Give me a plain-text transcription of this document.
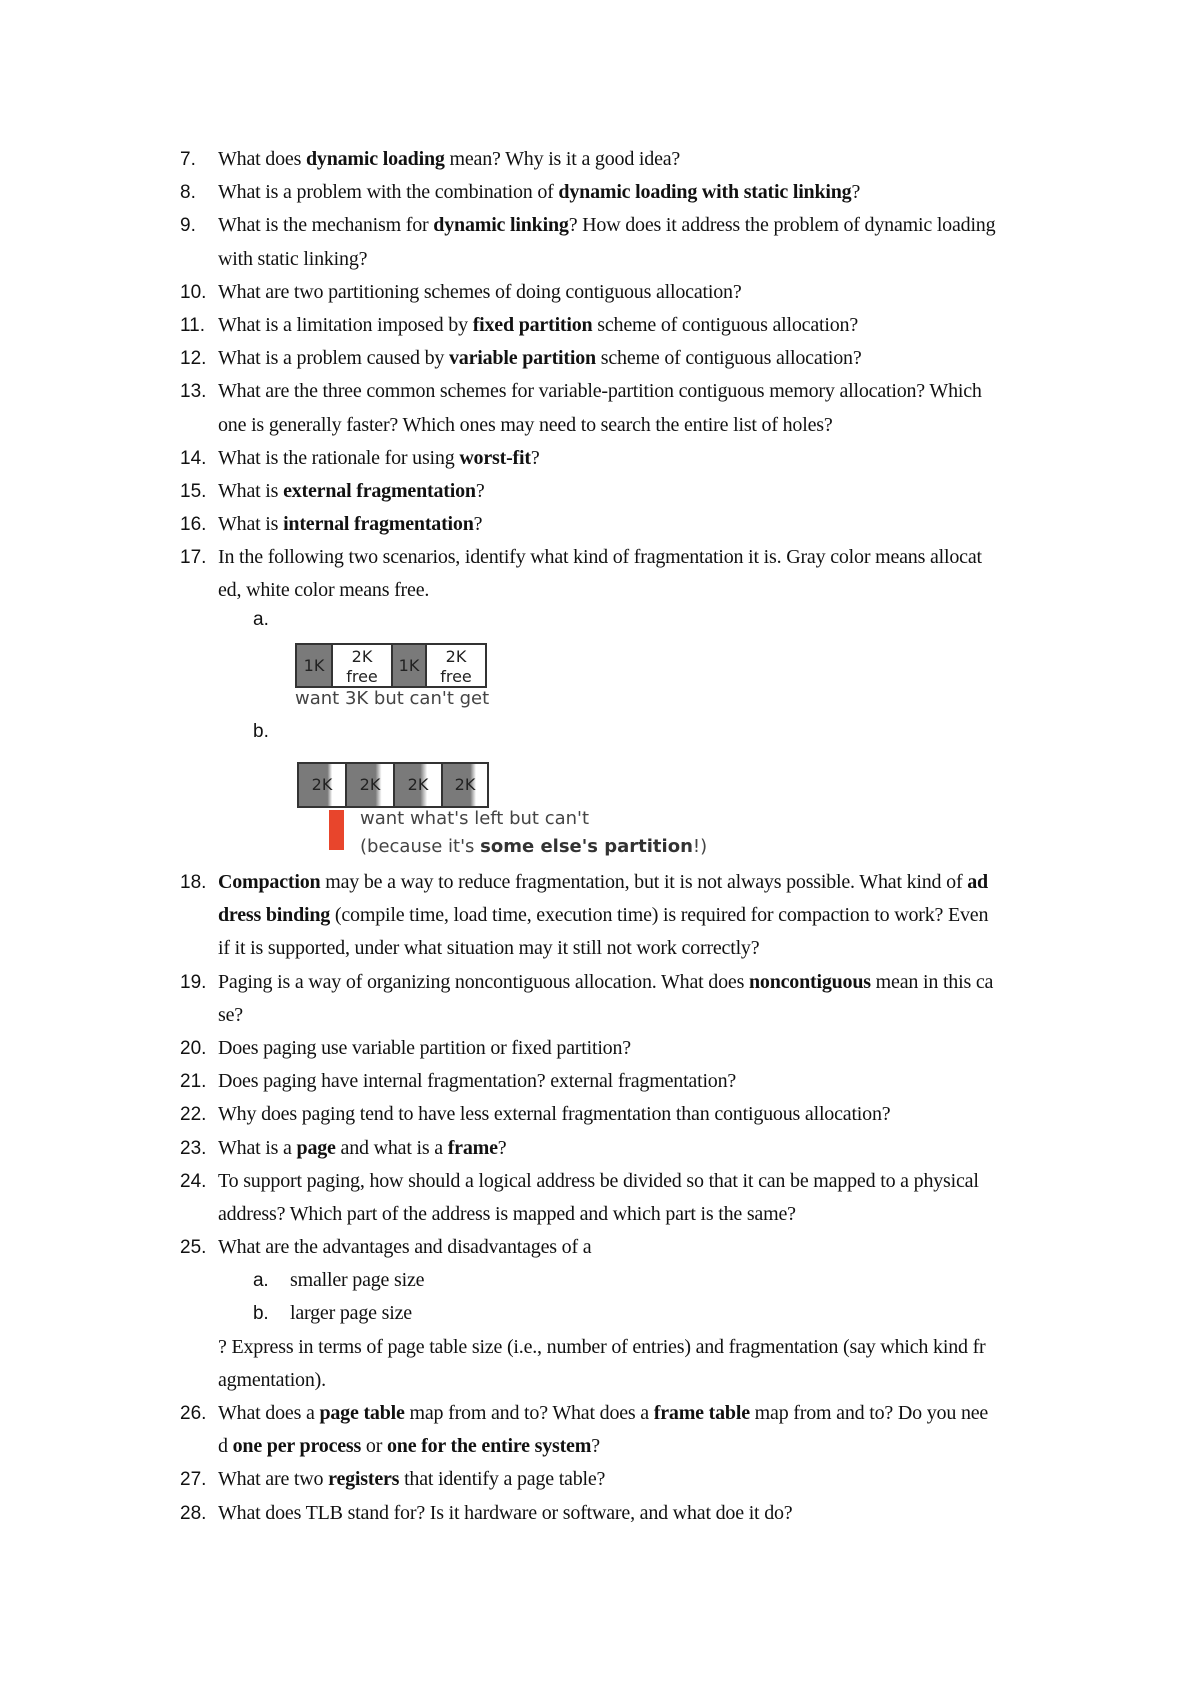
7.	What does dynamic loading mean? Why is it a good idea?
8.	What is a problem with the combination of dynamic loading with static linking?
9.	What is the mechanism for dynamic linking? How does it address the problem of dynamic loading
with static linking?
10. What are two partitioning schemes of doing contiguous allocation?
11. What is a limitation imposed by fixed partition scheme of contiguous allocation?
12. What is a problem caused by variable partition scheme of contiguous allocation?
13. What are the three common schemes for variable-partition contiguous memory allocation? Which
one is generally faster? Which ones may need to search the entire list of holes?
14. What is the rationale for using worst-fit?
15. What is external fragmentation?
16. What is internal fragmentation?
17. In the following two scenarios, identify what kind of fragmentation it is. Gray color means allocat
ed, white color means free.
a.
1K	2K
free
1K	2K
free
want 3K but can't get
b.
2K	2K	2K	2K
want what's left but can't
(because it's some else's partition!)
18. Compaction may be a way to reduce fragmentation, but it is not always possible. What kind of ad
dress binding (compile time, load time, execution time) is required for compaction to work? Even
if it is supported, under what situation may it still not work correctly?
19. Paging is a way of organizing noncontiguous allocation. What does noncontiguous mean in this ca
se?
20. Does paging use variable partition or fixed partition?
21. Does paging have internal fragmentation? external fragmentation?
22. Why does paging tend to have less external fragmentation than contiguous allocation?
23. What is a page and what is a frame?
24. To support paging, how should a logical address be divided so that it can be mapped to a physical
address? Which part of the address is mapped and which part is the same?
25. What are the advantages and disadvantages of a
a. smaller page size
b. larger page size
? Express in terms of page table size (i.e., number of entries) and fragmentation (say which kind fr
agmentation).
26. What does a page table map from and to? What does a frame table map from and to? Do you nee
d one per process or one for the entire system?
27. What are two registers that identify a page table?
28. What does TLB stand for? Is it hardware or software, and what doe it do?
